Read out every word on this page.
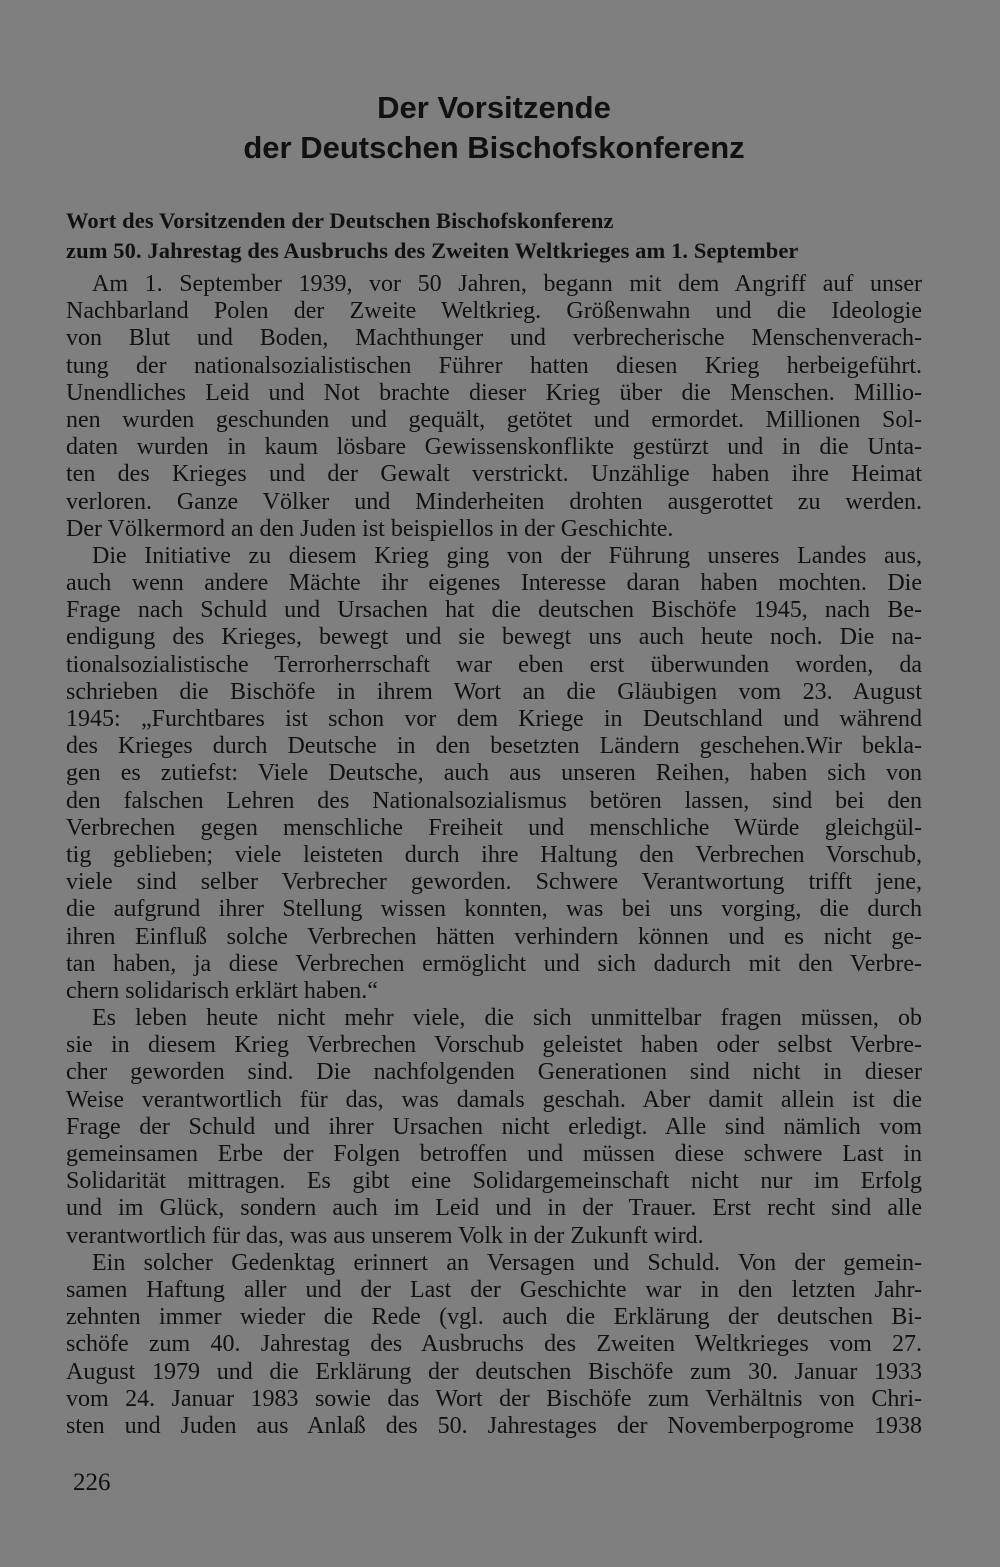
Der Vorsitzende
der Deutschen Bischofskonferenz
Wort des Vorsitzenden der Deutschen Bischofskonferenz
zum 50. Jahrestag des Ausbruchs des Zweiten Weltkrieges am 1. September

Am 1. September 1939, vor 50 Jahren, begann mit dem Angriff auf unser
Nachbarland Polen der Zweite Weltkrieg. Größenwahn und die Ideologie
von Blut und Boden, Machthunger und verbrecherische Menschenverach-
tung der nationalsozialistischen Führer hatten diesen Krieg herbeigeführt.
Unendliches Leid und Not brachte dieser Krieg über die Menschen. Millio-
nen wurden geschunden und gequält, getötet und ermordet. Millionen Sol-
daten wurden in kaum lösbare Gewissenskonflikte gestürzt und in die Unta-
ten des Krieges und der Gewalt verstrickt. Unzählige haben ihre Heimat
verloren. Ganze Völker und Minderheiten drohten ausgerottet zu werden.
Der Völkermord an den Juden ist beispiellos in der Geschichte.

Die Initiative zu diesem Krieg ging von der Führung unseres Landes aus,
auch wenn andere Mächte ihr eigenes Interesse daran haben mochten. Die
Frage nach Schuld und Ursachen hat die deutschen Bischöfe 1945, nach Be-
endigung des Krieges, bewegt und sie bewegt uns auch heute noch. Die na-
tionalsozialistische Terrorherrschaft war eben erst überwunden worden, da
schrieben die Bischöfe in ihrem Wort an die Gläubigen vom 23. August
1945: „Furchtbares ist schon vor dem Kriege in Deutschland und während
des Krieges durch Deutsche in den besetzten Ländern geschehen.Wir bekla-
gen es zutiefst: Viele Deutsche, auch aus unseren Reihen, haben sich von
den falschen Lehren des Nationalsozialismus betören lassen, sind bei den
Verbrechen gegen menschliche Freiheit und menschliche Würde gleichgül-
tig geblieben; viele leisteten durch ihre Haltung den Verbrechen Vorschub,
viele sind selber Verbrecher geworden. Schwere Verantwortung trifft jene,
die aufgrund ihrer Stellung wissen konnten, was bei uns vorging, die durch
ihren Einfluß solche Verbrechen hätten verhindern können und es nicht ge-
tan haben, ja diese Verbrechen ermöglicht und sich dadurch mit den Verbre-
chern solidarisch erklärt haben.“

Es leben heute nicht mehr viele, die sich unmittelbar fragen müssen, ob
sie in diesem Krieg Verbrechen Vorschub geleistet haben oder selbst Verbre-
cher geworden sind. Die nachfolgenden Generationen sind nicht in dieser
Weise verantwortlich für das, was damals geschah. Aber damit allein ist die
Frage der Schuld und ihrer Ursachen nicht erledigt. Alle sind nämlich vom
gemeinsamen Erbe der Folgen betroffen und müssen diese schwere Last in
Solidarität mittragen. Es gibt eine Solidargemeinschaft nicht nur im Erfolg
und im Glück, sondern auch im Leid und in der Trauer. Erst recht sind alle
verantwortlich für das, was aus unserem Volk in der Zukunft wird.

Ein solcher Gedenktag erinnert an Versagen und Schuld. Von der gemein-
samen Haftung aller und der Last der Geschichte war in den letzten Jahr-
zehnten immer wieder die Rede (vgl. auch die Erklärung der deutschen Bi-
schöfe zum 40. Jahrestag des Ausbruchs des Zweiten Weltkrieges vom 27.
August 1979 und die Erklärung der deutschen Bischöfe zum 30. Januar 1933
vom 24. Januar 1983 sowie das Wort der Bischöfe zum Verhältnis von Chri-
sten und Juden aus Anlaß des 50. Jahrestages der Novemberpogrome 1938

226
